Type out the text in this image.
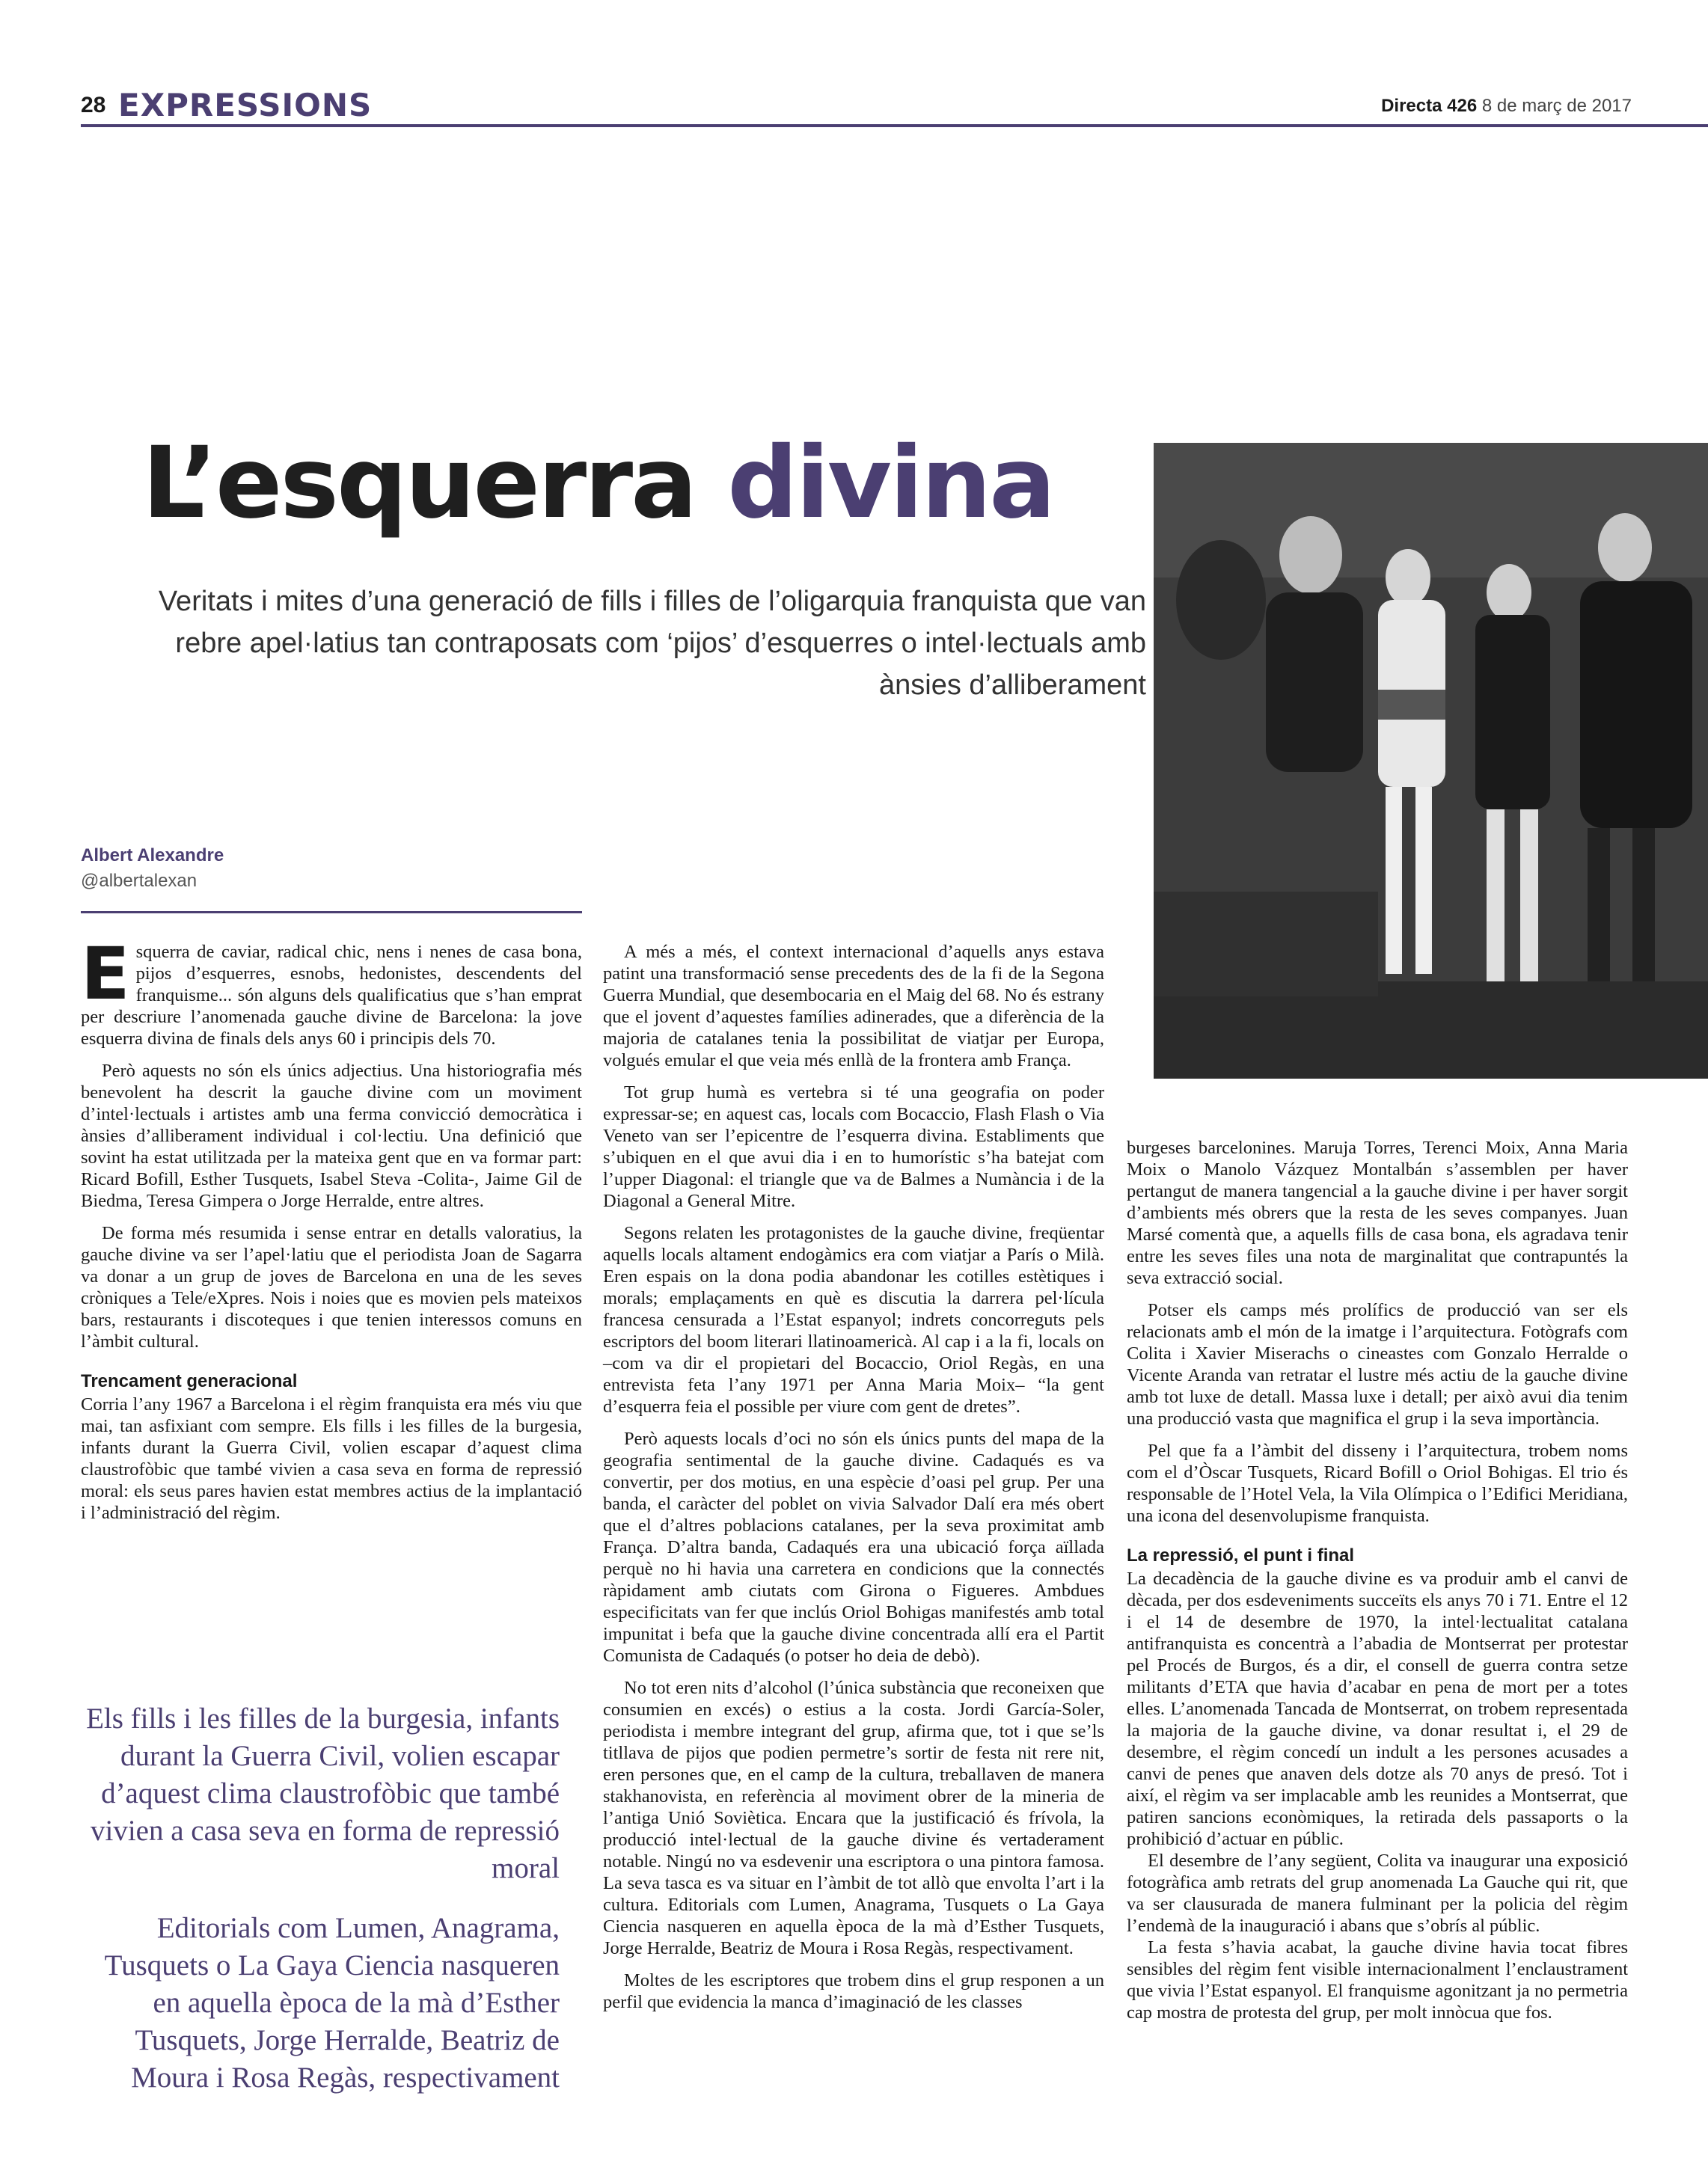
28 EXPRESSIONS	Directa 426 8 de març de 2017
L’esquerra divina
Veritats i mites d’una generació de fills i filles de l’oligarquia franquista que van rebre apel·latius tan contraposats com ‘pijos’ d’esquerres o intel·lectuals amb ànsies d’alliberament
Albert Alexandre
@albertalexan

Esquerra de caviar, radical chic, nens i nenes de casa bona, pijos d’esquerres, esnobs, hedonistes, descendents del franquisme... són alguns dels qualificatius que s’han emprat per descriure l’anomenada gauche divine de Barcelona: la jove esquerra divina de finals dels anys 60 i principis dels 70.

Però aquests no són els únics adjectius. Una historiografia més benevolent ha descrit la gauche divine com un moviment d’intel·lectuals i artistes amb una ferma convicció democràtica i ànsies d’alliberament individual i col·lectiu. Una definició que sovint ha estat utilitzada per la mateixa gent que en va formar part: Ricard Bofill, Esther Tusquets, Isabel Steva -Colita-, Jaime Gil de Biedma, Teresa Gimpera o Jorge Herralde, entre altres.

De forma més resumida i sense entrar en detalls valoratius, la gauche divine va ser l’apel·latiu que el periodista Joan de Sagarra va donar a un grup de joves de Barcelona en una de les seves cròniques a Tele/eXpres. Nois i noies que es movien pels mateixos bars, restaurants i discoteques i que tenien interessos comuns en l’àmbit cultural.

Trencament generacional

Corria l’any 1967 a Barcelona i el règim franquista era més viu que mai, tan asfixiant com sempre. Els fills i les filles de la burgesia, infants durant la Guerra Civil, volien escapar d’aquest clima claustrofòbic que també vivien a casa seva en forma de repressió moral: els seus pares havien estat membres actius de la implantació i l’administració del règim.

Els fills i les filles de la burgesia, infants durant la Guerra Civil, volien escapar d’aquest clima claustrofòbic que també vivien a casa seva en forma de repressió moral
Editorials com Lumen, Anagrama, Tusquets o La Gaya Ciencia nasqueren en aquella època de la mà d’Esther Tusquets, Jorge Herralde, Beatriz de Moura i Rosa Regàs, respectivament

A més a més, el context internacional d’aquells anys estava patint una transformació sense precedents des de la fi de la Segona Guerra Mundial, que desembocaria en el Maig del 68. No és estrany que el jovent d’aquestes famílies adinerades, que a diferència de la majoria de catalanes tenia la possibilitat de viatjar per Europa, volgués emular el que veia més enllà de la frontera amb França.

Tot grup humà es vertebra si té una geografia on poder expressar-se; en aquest cas, locals com Bocaccio, Flash Flash o Via Veneto van ser l’epicentre de l’esquerra divina. Establiments que s’ubiquen en el que avui dia i en to humorístic s’ha batejat com l’upper Diagonal: el triangle que va de Balmes a Numància i de la Diagonal a General Mitre.

Segons relaten les protagonistes de la gauche divine, freqüentar aquells locals altament endogàmics era com viatjar a París o Milà. Eren espais on la dona podia abandonar les cotilles estètiques i morals; emplaçaments en què es discutia la darrera pel·lícula francesa censurada a l’Estat espanyol; indrets concorreguts pels escriptors del boom literari llatinoamericà. Al cap i a la fi, locals on –com va dir el propietari del Bocaccio, Oriol Regàs, en una entrevista feta l’any 1971 per Anna Maria Moix– “la gent d’esquerra feia el possible per viure com gent de dretes”.

Però aquests locals d’oci no són els únics punts del mapa de la geografia sentimental de la gauche divine. Cadaqués es va convertir, per dos motius, en una espècie d’oasi pel grup. Per una banda, el caràcter del poblet on vivia Salvador Dalí era més obert que el d’altres poblacions catalanes, per la seva proximitat amb França. D’altra banda, Cadaqués era una ubicació força aïllada perquè no hi havia una carretera en condicions que la connectés ràpidament amb ciutats com Girona o Figueres. Ambdues especificitats van fer que inclús Oriol Bohigas manifestés amb total impunitat i befa que la gauche divine concentrada allí era el Partit Comunista de Cadaqués (o potser ho deia de debò).

No tot eren nits d’alcohol (l’única substància que reconeixen que consumien en excés) o estius a la costa. Jordi García-Soler, periodista i membre integrant del grup, afirma que, tot i que se’ls titllava de pijos que podien permetre’s sortir de festa nit rere nit, eren persones que, en el camp de la cultura, treballaven de manera stakhanovista, en referència al moviment obrer de la mineria de l’antiga Unió Soviètica. Encara que la justificació és frívola, la producció intel·lectual de la gauche divine és vertaderament notable. Ningú no va esdevenir una escriptora o una pintora famosa. La seva tasca es va situar en l’àmbit de tot allò que envolta l’art i la cultura. Editorials com Lumen, Anagrama, Tusquets o La Gaya Ciencia nasqueren en aquella època de la mà d’Esther Tusquets, Jorge Herralde, Beatriz de Moura i Rosa Regàs, respectivament.

Moltes de les escriptores que trobem dins el grup responen a un perfil que evidencia la manca d’imaginació de les classes

burgeses barcelonines. Maruja Torres, Terenci Moix, Anna Maria Moix o Manolo Vázquez Montalbán s’assemblen per haver pertangut de manera tangencial a la gauche divine i per haver sorgit d’ambients més obrers que la resta de les seves companyes. Juan Marsé comentà que, a aquells fills de casa bona, els agradava tenir entre les seves files una nota de marginalitat que contrapuntés la seva extracció social.

Potser els camps més prolífics de producció van ser els relacionats amb el món de la imatge i l’arquitectura. Fotògrafs com Colita i Xavier Miserachs o cineastes com Gonzalo Herralde o Vicente Aranda van retratar el lustre més actiu de la gauche divine amb tot luxe de detall. Massa luxe i detall; per això avui dia tenim una producció vasta que magnifica el grup i la seva importància.

Pel que fa a l’àmbit del disseny i l’arquitectura, trobem noms com el d’Òscar Tusquets, Ricard Bofill o Oriol Bohigas. El trio és responsable de l’Hotel Vela, la Vila Olímpica o l’Edifici Meridiana, una icona del desenvolupisme franquista.

La repressió, el punt i final

La decadència de la gauche divine es va produir amb el canvi de dècada, per dos esdeveniments succeïts els anys 70 i 71. Entre el 12 i el 14 de desembre de 1970, la intel·lectualitat catalana antifranquista es concentrà a l’abadia de Montserrat per protestar pel Procés de Burgos, és a dir, el consell de guerra contra setze militants d’ETA que havia d’acabar en pena de mort per a totes elles. L’anomenada Tancada de Montserrat, on trobem representada la majoria de la gauche divine, va donar resultat i, el 29 de desembre, el règim concedí un indult a les persones acusades a canvi de penes que anaven dels dotze als 70 anys de presó. Tot i així, el règim va ser implacable amb les reunides a Montserrat, que patiren sancions econòmiques, la retirada dels passaports o la prohibició d’actuar en públic.

El desembre de l’any següent, Colita va inaugurar una exposició fotogràfica amb retrats del grup anomenada La Gauche qui rit, que va ser clausurada de manera fulminant per la policia del règim l’endemà de la inauguració i abans que s’obrís al públic.

La festa s’havia acabat, la gauche divine havia tocat fibres sensibles del règim fent visible internacionalment l’enclaustrament que vivia l’Estat espanyol. El franquisme agonitzant ja no permetria cap mostra de protesta del grup, per molt innòcua que fos.
